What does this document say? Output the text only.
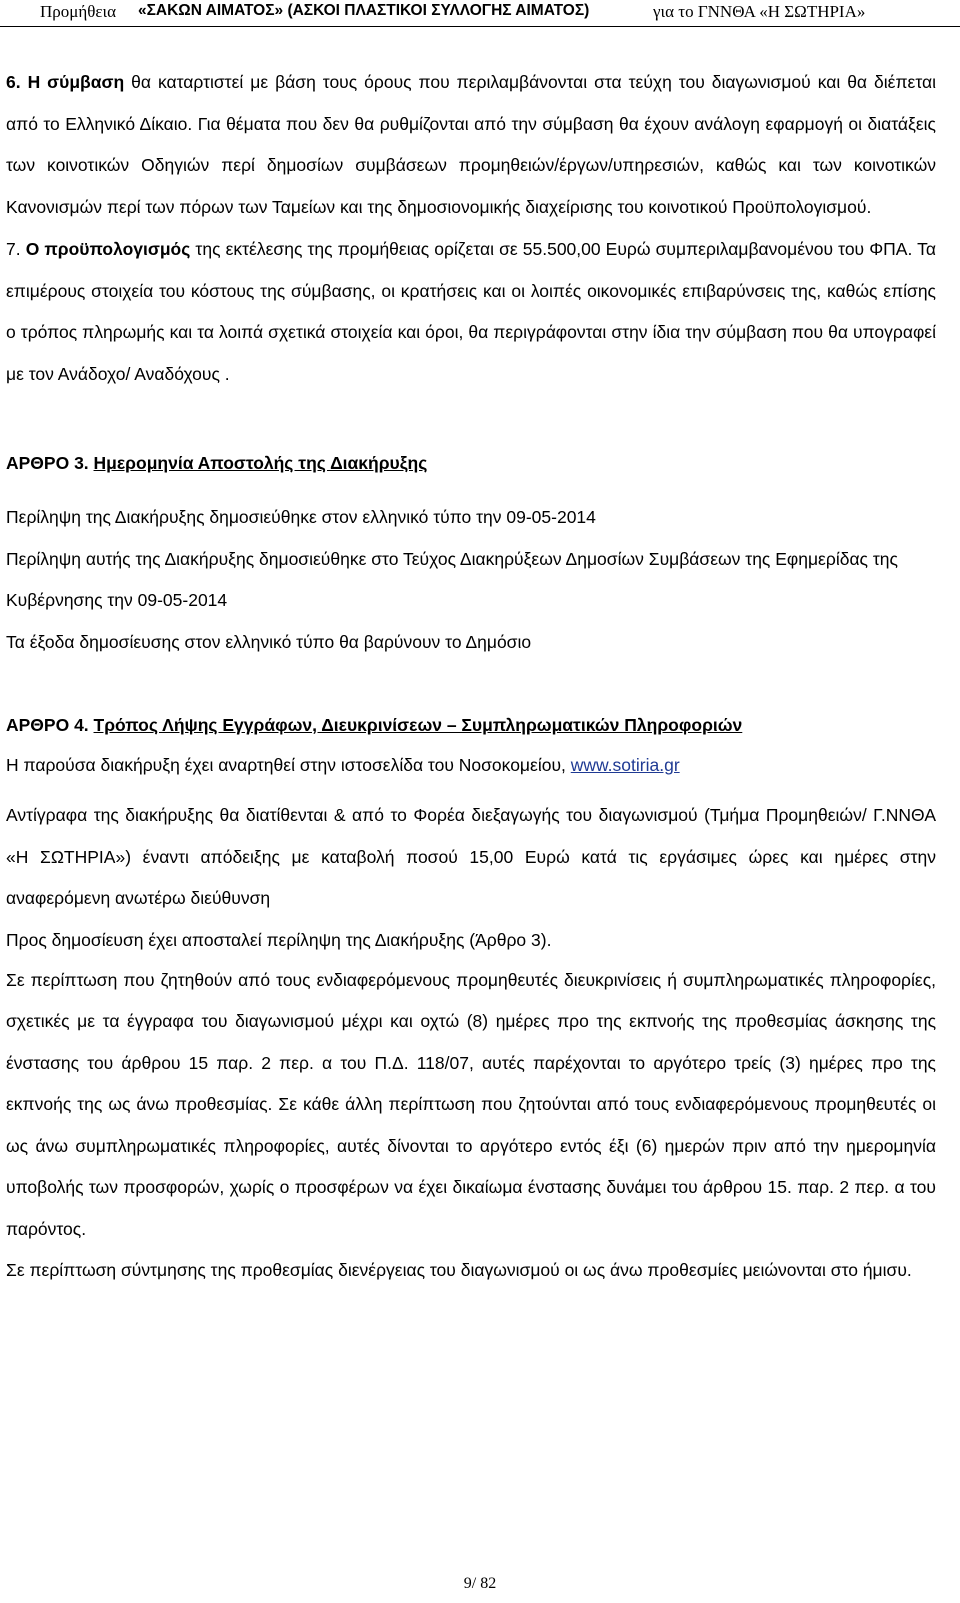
Προμήθεια «ΣΑΚΩΝ ΑΙΜΑΤΟΣ» (ΑΣΚΟΙ ΠΛΑΣΤΙΚΟΙ ΣΥΛΛΟΓΗΣ ΑΙΜΑΤΟΣ)	για το ΓΝΝΘΑ «Η ΣΩΤΗΡΙΑ»

6. Η σύμβαση θα καταρτιστεί με βάση τους όρους που περιλαμβάνονται στα τεύχη του διαγωνισμού και θα διέπεται από το Ελληνικό Δίκαιο. Για θέματα που δεν θα ρυθμίζονται από την σύμβαση θα έχουν ανάλογη εφαρμογή οι διατάξεις των κοινοτικών Οδηγιών περί δημοσίων συμβάσεων προμηθειών/έργων/υπηρεσιών, καθώς και των κοινοτικών Κανονισμών περί των πόρων των Ταμείων και της δημοσιονομικής διαχείρισης του κοινοτικού Προϋπολογισμού.

7. Ο προϋπολογισμός της εκτέλεσης της προμήθειας ορίζεται σε 55.500,00 Ευρώ συμπεριλαμβανομένου του ΦΠΑ. Τα επιμέρους στοιχεία του κόστους της σύμβασης, οι κρατήσεις και οι λοιπές οικονομικές επιβαρύνσεις της, καθώς επίσης ο τρόπος πληρωμής και τα λοιπά σχετικά στοιχεία και όροι, θα περιγράφονται στην ίδια την σύμβαση που θα υπογραφεί με τον Ανάδοχο/ Αναδόχους .

ΑΡΘΡΟ 3. Ημερομηνία Αποστολής της Διακήρυξης

Περίληψη της Διακήρυξης δημοσιεύθηκε στον ελληνικό τύπο την 09-05-2014

Περίληψη αυτής της Διακήρυξης δημοσιεύθηκε στο Τεύχος Διακηρύξεων Δημοσίων Συμβάσεων της Εφημερίδας της Κυβέρνησης την 09-05-2014

Τα έξοδα δημοσίευσης στον ελληνικό τύπο θα βαρύνουν το Δημόσιο

ΑΡΘΡΟ 4. Τρόπος Λήψης Εγγράφων, Διευκρινίσεων – Συμπληρωματικών Πληροφοριών

Η παρούσα διακήρυξη έχει αναρτηθεί στην ιστοσελίδα του Νοσοκομείου, www.sotiria.gr

Αντίγραφα της διακήρυξης θα διατίθενται & από το Φορέα διεξαγωγής του διαγωνισμού (Τμήμα Προμηθειών/ Γ.ΝΝΘΑ «Η ΣΩΤΗΡΙΑ») έναντι απόδειξης με καταβολή ποσού 15,00 Ευρώ κατά τις εργάσιμες ώρες και ημέρες στην αναφερόμενη ανωτέρω διεύθυνση

Προς δημοσίευση έχει αποσταλεί περίληψη της Διακήρυξης (Άρθρο 3).

Σε περίπτωση που ζητηθούν από τους ενδιαφερόμενους προμηθευτές διευκρινίσεις ή συμπληρωματικές πληροφορίες, σχετικές με τα έγγραφα του διαγωνισμού μέχρι και οχτώ (8) ημέρες προ της εκπνοής της προθεσμίας άσκησης της ένστασης του άρθρου 15 παρ. 2 περ. α του Π.Δ. 118/07, αυτές παρέχονται το αργότερο τρείς (3) ημέρες προ της εκπνοής της ως άνω προθεσμίας. Σε κάθε άλλη περίπτωση που ζητούνται από τους ενδιαφερόμενους προμηθευτές οι ως άνω συμπληρωματικές πληροφορίες, αυτές δίνονται το αργότερο εντός έξι (6) ημερών πριν από την ημερομηνία υποβολής των προσφορών, χωρίς ο προσφέρων να έχει δικαίωμα ένστασης δυνάμει του άρθρου 15. παρ. 2 περ. α του παρόντος.

Σε περίπτωση σύντμησης της προθεσμίας διενέργειας του διαγωνισμού οι ως άνω προθεσμίες μειώνονται στο ήμισυ.

9/ 82
